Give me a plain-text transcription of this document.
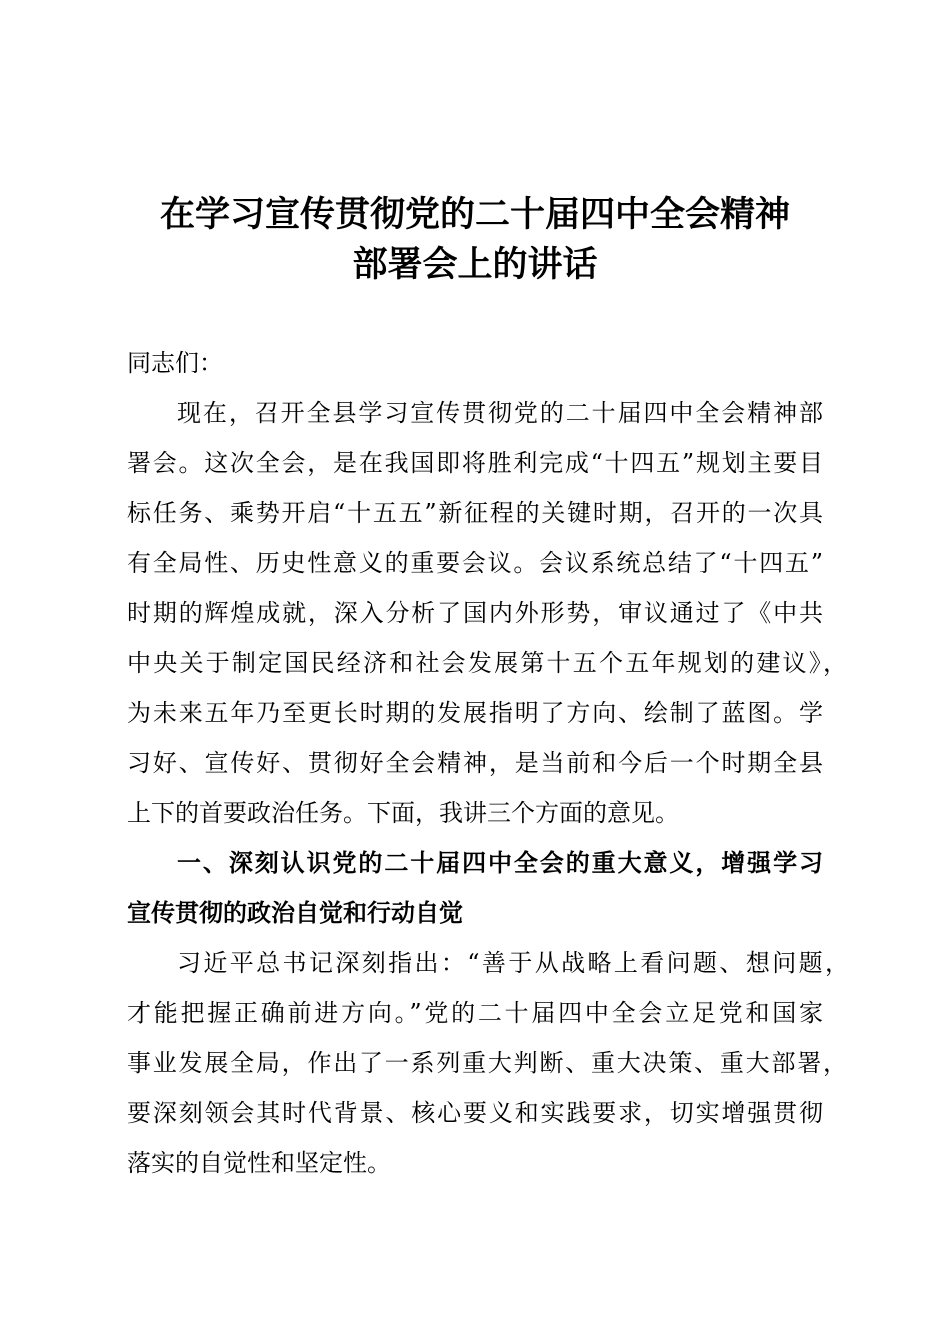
在学习宣传贯彻党的二十届四中全会精神
部署会上的讲话
同志们：
现在，召开全县学习宣传贯彻党的二十届四中全会精神部
署会。这次全会，是在我国即将胜利完成“十四五”规划主要目
标任务、乘势开启“十五五”新征程的关键时期，召开的一次具
有全局性、历史性意义的重要会议。会议系统总结了“十四五”
时期的辉煌成就，深入分析了国内外形势，审议通过了《中共
中央关于制定国民经济和社会发展第十五个五年规划的建议》，
为未来五年乃至更长时期的发展指明了方向、绘制了蓝图。学
习好、宣传好、贯彻好全会精神，是当前和今后一个时期全县
上下的首要政治任务。下面，我讲三个方面的意见。
一、深刻认识党的二十届四中全会的重大意义，增强学习
宣传贯彻的政治自觉和行动自觉
习近平总书记深刻指出：“善于从战略上看问题、想问题，
才能把握正确前进方向。”党的二十届四中全会立足党和国家
事业发展全局，作出了一系列重大判断、重大决策、重大部署，
要深刻领会其时代背景、核心要义和实践要求，切实增强贯彻
落实的自觉性和坚定性。
